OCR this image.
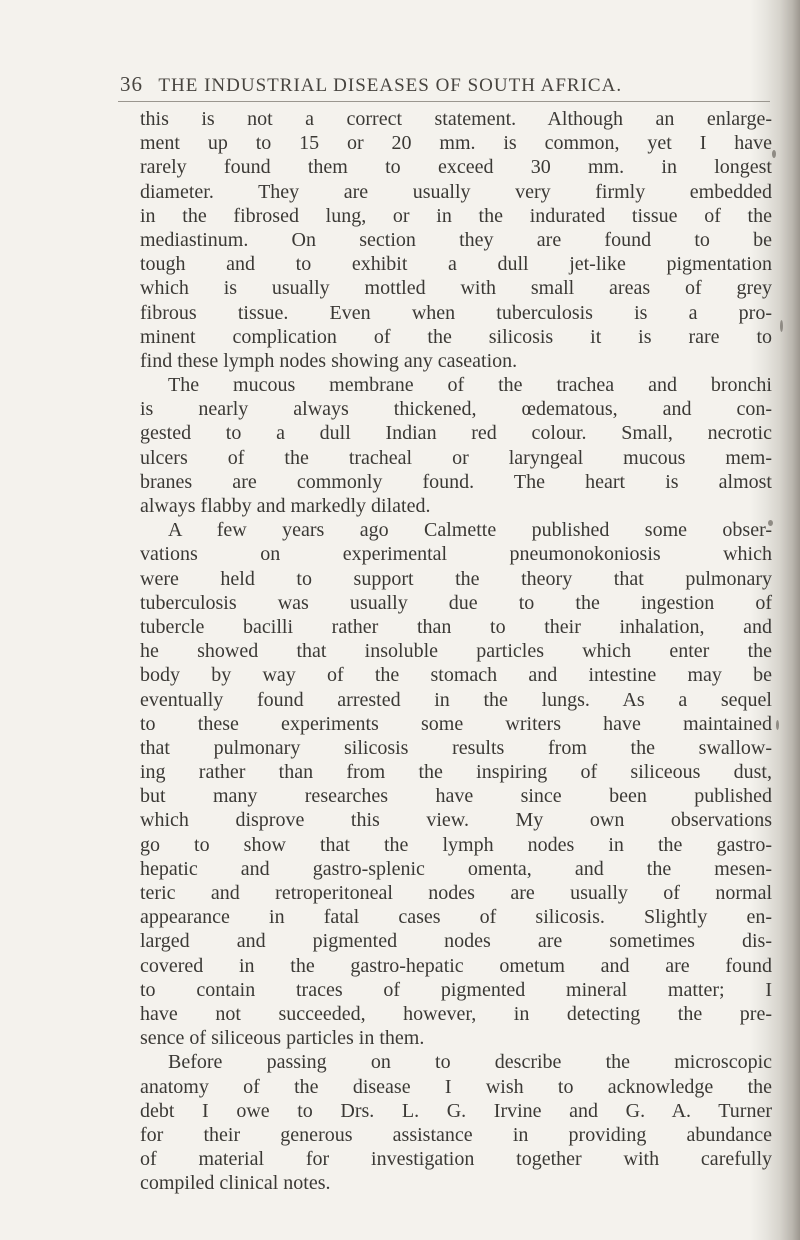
36 THE INDUSTRIAL DISEASES OF SOUTH AFRICA.
this is not a correct statement. Although an enlarge-
ment up to 15 or 20 mm. is common, yet I have
rarely found them to exceed 30 mm. in longest
diameter. They are usually very firmly embedded
in the fibrosed lung, or in the indurated tissue of the
mediastinum. On section they are found to be
tough and to exhibit a dull jet-like pigmentation
which is usually mottled with small areas of grey
fibrous tissue. Even when tuberculosis is a pro-
minent complication of the silicosis it is rare to
find these lymph nodes showing any caseation.
The mucous membrane of the trachea and bronchi
is nearly always thickened, œdematous, and con-
gested to a dull Indian red colour. Small, necrotic
ulcers of the tracheal or laryngeal mucous mem-
branes are commonly found. The heart is almost
always flabby and markedly dilated.
A few years ago Calmette published some obser-
vations on experimental pneumonokoniosis which
were held to support the theory that pulmonary
tuberculosis was usually due to the ingestion of
tubercle bacilli rather than to their inhalation, and
he showed that insoluble particles which enter the
body by way of the stomach and intestine may be
eventually found arrested in the lungs. As a sequel
to these experiments some writers have maintained
that pulmonary silicosis results from the swallow-
ing rather than from the inspiring of siliceous dust,
but many researches have since been published
which disprove this view. My own observations
go to show that the lymph nodes in the gastro-
hepatic and gastro-splenic omenta, and the mesen-
teric and retroperitoneal nodes are usually of normal
appearance in fatal cases of silicosis. Slightly en-
larged and pigmented nodes are sometimes dis-
covered in the gastro-hepatic ometum and are found
to contain traces of pigmented mineral matter; I
have not succeeded, however, in detecting the pre-
sence of siliceous particles in them.
Before passing on to describe the microscopic
anatomy of the disease I wish to acknowledge the
debt I owe to Drs. L. G. Irvine and G. A. Turner
for their generous assistance in providing abundance
of material for investigation together with carefully
compiled clinical notes.
